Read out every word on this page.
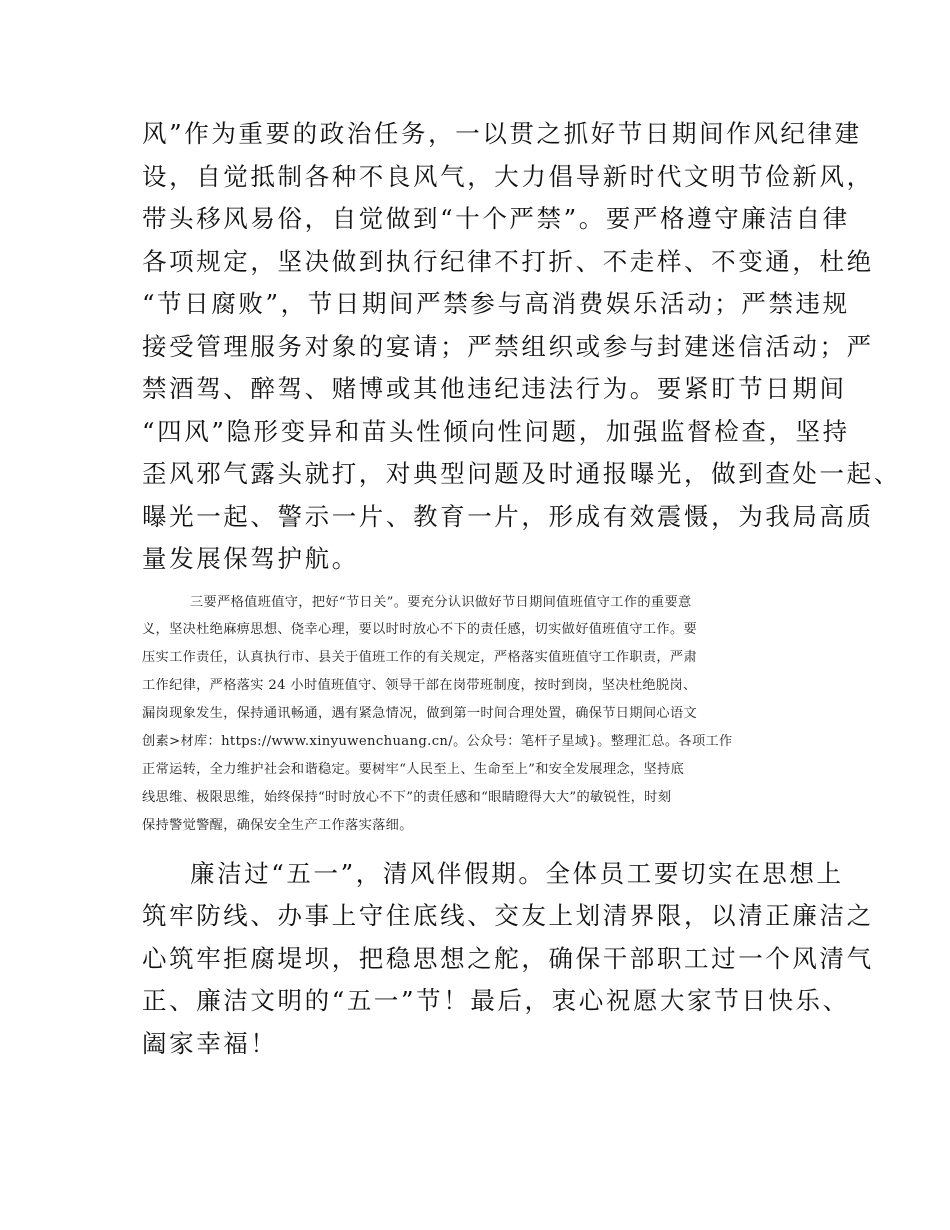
风”作为重要的政治任务，一以贯之抓好节日期间作风纪律建
设，自觉抵制各种不良风气，大力倡导新时代文明节俭新风，
带头移风易俗，自觉做到“十个严禁”。要严格遵守廉洁自律
各项规定，坚决做到执行纪律不打折、不走样、不变通，杜绝
“节日腐败”，节日期间严禁参与高消费娱乐活动；严禁违规
接受管理服务对象的宴请；严禁组织或参与封建迷信活动；严
禁酒驾、醉驾、赌博或其他违纪违法行为。要紧盯节日期间
“四风”隐形变异和苗头性倾向性问题，加强监督检查，坚持
歪风邪气露头就打，对典型问题及时通报曝光，做到查处一起、
曝光一起、警示一片、教育一片，形成有效震慑，为我局高质
量发展保驾护航。
三要严格值班值守，把好“节日关”。要充分认识做好节日期间值班值守工作的重要意
义，坚决杜绝麻痹思想、侥幸心理，要以时时放心不下的责任感，切实做好值班值守工作。要
压实工作责任，认真执行市、县关于值班工作的有关规定，严格落实值班值守工作职责，严肃
工作纪律，严格落实 24 小时值班值守、领导干部在岗带班制度，按时到岗，坚决杜绝脱岗、
漏岗现象发生，保持通讯畅通，遇有紧急情况，做到第一时间合理处置，确保节日期间心语文
创素>材库：https://www.xinyuwenchuang.cn/。公众号：笔杆子星域}。整理汇总。各项工作
正常运转，全力维护社会和谐稳定。要树牢“人民至上、生命至上”和安全发展理念，坚持底
线思维、极限思维，始终保持“时时放心不下”的责任感和“眼睛瞪得大大”的敏锐性，时刻
保持警觉警醒，确保安全生产工作落实落细。
廉洁过“五一”，清风伴假期。全体员工要切实在思想上
筑牢防线、办事上守住底线、交友上划清界限，以清正廉洁之
心筑牢拒腐堤坝，把稳思想之舵，确保干部职工过一个风清气
正、廉洁文明的“五一”节！最后，衷心祝愿大家节日快乐、
阖家幸福！
